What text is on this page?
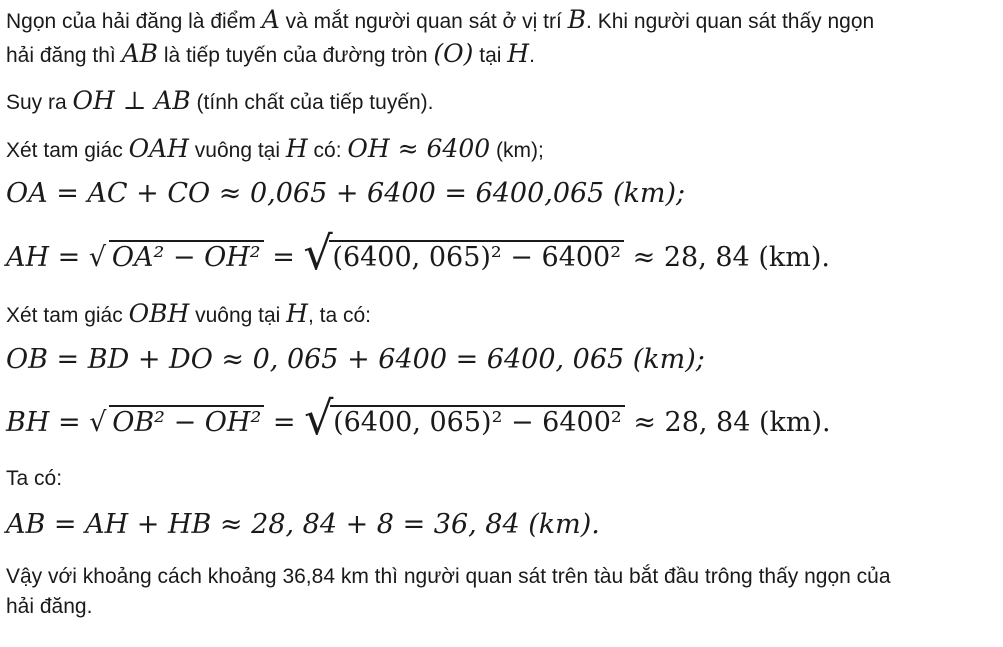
Ngọn của hải đăng là điểm A và mắt người quan sát ở vị trí B. Khi người quan sát thấy ngọn
hải đăng thì AB là tiếp tuyến của đường tròn (O) tại H.
Suy ra OH ⊥ AB (tính chất của tiếp tuyến).
Xét tam giác OAH vuông tại H có: OH ≈ 6400 (km);
OA = AC + CO ≈ 0,065 + 6400 = 6400,065 (km);
AH = √ OA² − OH² = √ (6400, 065)² − 6400² ≈ 28, 84 (km).
Xét tam giác OBH vuông tại H, ta có:
OB = BD + DO ≈ 0, 065 + 6400 = 6400, 065 (km);
BH = √ OB² − OH² = √ (6400, 065)² − 6400² ≈ 28, 84 (km).
Ta có:
AB = AH + HB ≈ 28, 84 + 8 = 36, 84 (km).
Vậy với khoảng cách khoảng 36,84 km thì người quan sát trên tàu bắt đầu trông thấy ngọn của
hải đăng.
